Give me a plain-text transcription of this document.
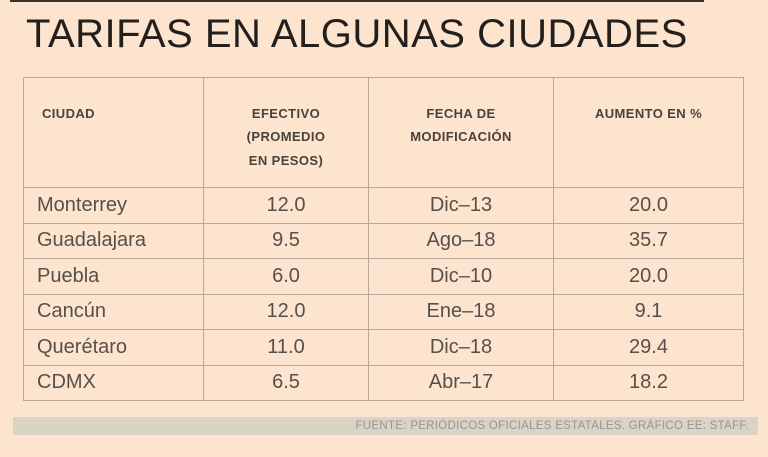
TARIFAS EN ALGUNAS CIUDADES
CIUDAD	EFECTIVO (PROMEDIO EN PESOS)	FECHA DE MODIFICACIÓN	AUMENTO EN %
Monterrey	12.0	Dic–13	20.0
Guadalajara	9.5	Ago–18	35.7
Puebla	6.0	Dic–10	20.0
Cancún	12.0	Ene–18	9.1
Querétaro	11.0	Dic–18	29.4
CDMX	6.5	Abr–17	18.2
FUENTE: PERIÓDICOS OFICIALES ESTATALES. GRÁFICO EE: STAFF.
